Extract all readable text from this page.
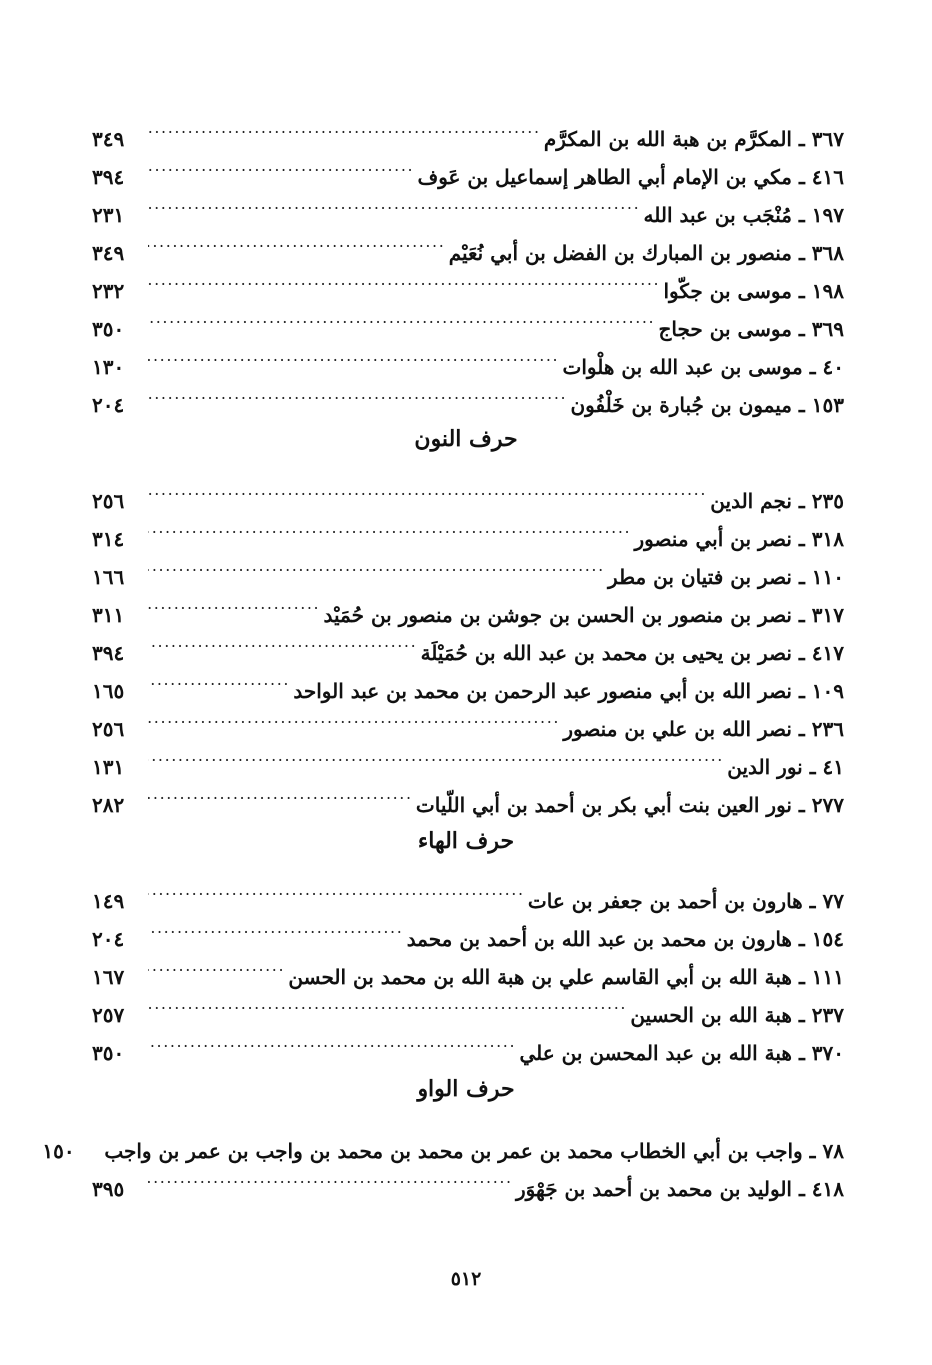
٣٦٧ ـ المكرَّم بن هبة الله بن المكرَّم
. . .
٣٤٩
٤١٦ ـ مكي بن الإمام أبي الطاهر إسماعيل بن عَوف
. . .
٣٩٤
١٩٧ ـ مُنْجَب بن عبد الله
. . .
٢٣١
٣٦٨ ـ منصور بن المبارك بن الفضل بن أبي نُعَيْم
. . .
٣٤٩
١٩٨ ـ موسى بن جكّوا
. . .
٢٣٢
٣٦٩ ـ موسى بن حجاج
. . .
٣٥٠
٤٠ ـ موسى بن عبد الله بن هلْوات
. . .
١٣٠
١٥٣ ـ ميمون بن جُبارة بن خَلْفُون
. . .
٢٠٤
حرف النون
٢٣٥ ـ نجم الدين
. . .
٢٥٦
٣١٨ ـ نصر بن أبي منصور
. . .
٣١٤
١١٠ ـ نصر بن فتيان بن مطر
. . .
١٦٦
٣١٧ ـ نصر بن منصور بن الحسن بن جوشن بن منصور بن حُمَيْد
. . .
٣١١
٤١٧ ـ نصر بن يحيى بن محمد بن عبد الله بن حُمَيْلَة
. . .
٣٩٤
١٠٩ ـ نصر الله بن أبي منصور عبد الرحمن بن محمد بن عبد الواحد
. . .
١٦٥
٢٣٦ ـ نصر الله بن علي بن منصور
. . .
٢٥٦
٤١ ـ نور الدين
. . .
١٣١
٢٧٧ ـ نور العين بنت أبي بكر بن أحمد بن أبي اللّيات
. . .
٢٨٢
حرف الهاء
٧٧ ـ هارون بن أحمد بن جعفر بن عات
. . .
١٤٩
١٥٤ ـ هارون بن محمد بن عبد الله بن أحمد بن محمد
. . .
٢٠٤
١١١ ـ هبة الله بن أبي القاسم علي بن هبة الله بن محمد بن الحسن
. . .
١٦٧
٢٣٧ ـ هبة الله بن الحسين
. . .
٢٥٧
٣٧٠ ـ هبة الله بن عبد المحسن بن علي
. . .
٣٥٠
حرف الواو
٧٨ ـ واجب بن أبي الخطاب محمد بن عمر بن محمد بن محمد بن واجب بن عمر بن واجب
١٥٠
٤١٨ ـ الوليد بن محمد بن أحمد بن جَهْوَر
. . .
٣٩٥
٥١٢
